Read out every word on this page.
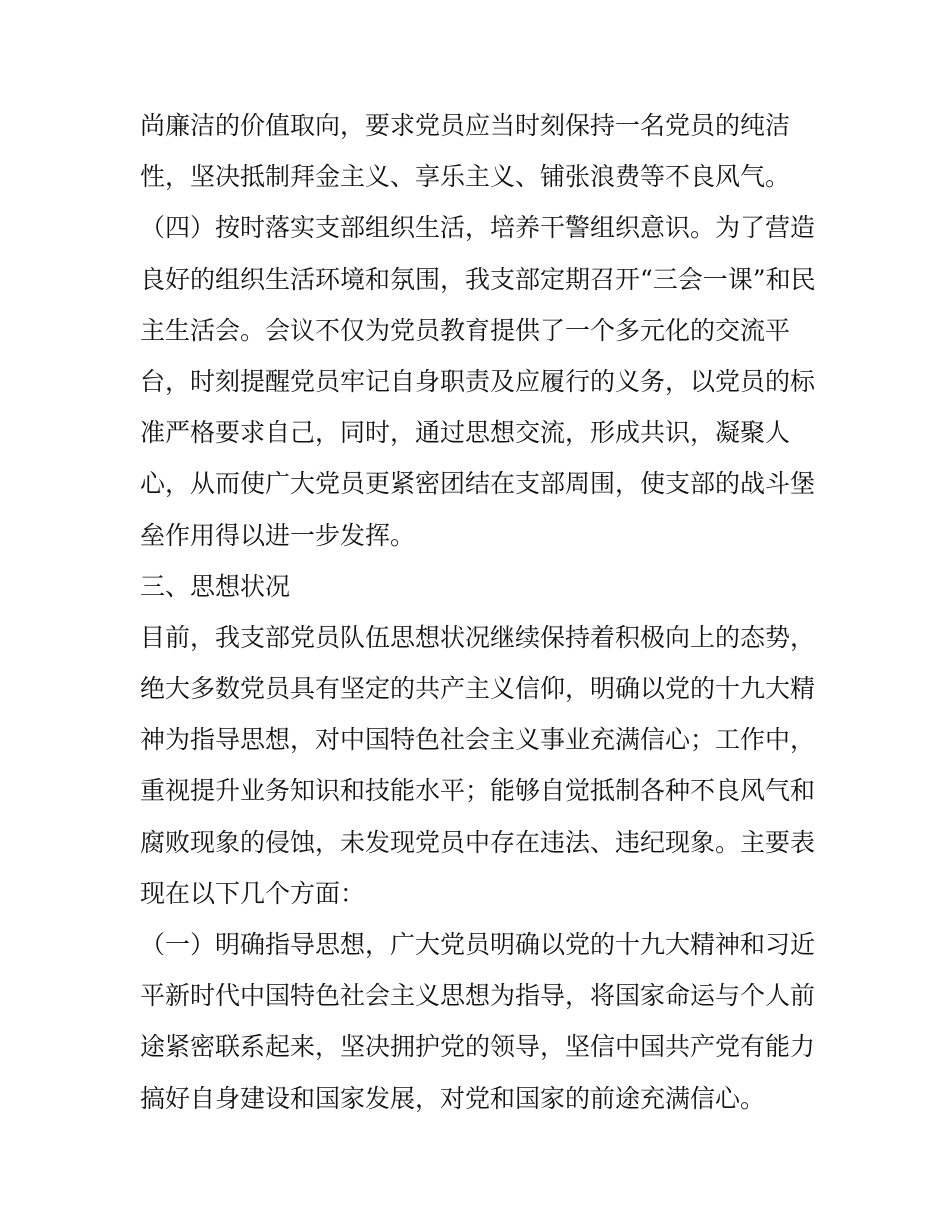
尚廉洁的价值取向，要求党员应当时刻保持一名党员的纯洁
性，坚决抵制拜金主义、享乐主义、铺张浪费等不良风气。
（四）按时落实支部组织生活，培养干警组织意识。为了营造
良好的组织生活环境和氛围，我支部定期召开“三会一课”和民
主生活会。会议不仅为党员教育提供了一个多元化的交流平
台，时刻提醒党员牢记自身职责及应履行的义务，以党员的标
准严格要求自己，同时，通过思想交流，形成共识，凝聚人
心，从而使广大党员更紧密团结在支部周围，使支部的战斗堡
垒作用得以进一步发挥。
三、思想状况
目前，我支部党员队伍思想状况继续保持着积极向上的态势，
绝大多数党员具有坚定的共产主义信仰，明确以党的十九大精
神为指导思想，对中国特色社会主义事业充满信心；工作中，
重视提升业务知识和技能水平；能够自觉抵制各种不良风气和
腐败现象的侵蚀，未发现党员中存在违法、违纪现象。主要表
现在以下几个方面：
（一）明确指导思想，广大党员明确以党的十九大精神和习近
平新时代中国特色社会主义思想为指导，将国家命运与个人前
途紧密联系起来，坚决拥护党的领导，坚信中国共产党有能力
搞好自身建设和国家发展，对党和国家的前途充满信心。
